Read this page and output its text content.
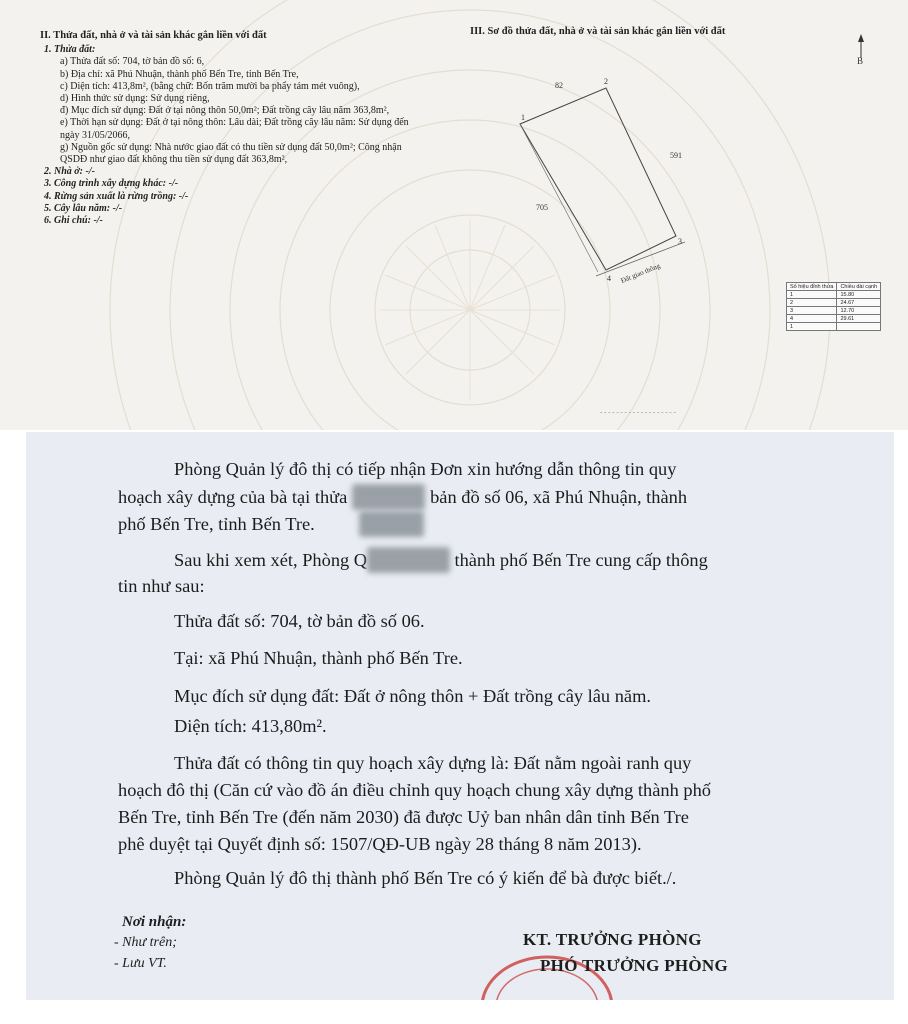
II. Thửa đất, nhà ở và tài sản khác gắn liền với đất
1. Thửa đất:
a) Thửa đất số: 704, tờ bản đồ số: 6,
b) Địa chỉ: xã Phú Nhuận, thành phố Bến Tre, tỉnh Bến Tre,
c) Diện tích: 413,8m², (bằng chữ: Bốn trăm mười ba phẩy tám mét vuông),
d) Hình thức sử dụng: Sử dụng riêng,
đ) Mục đích sử dụng: Đất ở tại nông thôn 50,0m²; Đất trồng cây lâu năm 363,8m²,
e) Thời hạn sử dụng: Đất ở tại nông thôn: Lâu dài; Đất trồng cây lâu năm: Sử dụng đến
ngày 31/05/2066,
g) Nguồn gốc sử dụng: Nhà nước giao đất có thu tiền sử dụng đất 50,0m²; Công nhận
QSDĐ như giao đất không thu tiền sử dụng đất 363,8m²,
2. Nhà ở: -/-
3. Công trình xây dựng khác: -/-
4. Rừng sản xuất là rừng trồng: -/-
5. Cây lâu năm: -/-
6. Ghi chú: -/-
III. Sơ đồ thửa đất, nhà ở và tài sản khác gắn liền với đất
B
1
2
3
4
82
591
705
Đất giao thông
Số hiệu đỉnh thửa	Chiều dài cạnh
1	15.80
2	24.67
3	12.70
4	29.61
1	
- - - - - - - - - - - - - - - - - - -
Phòng Quản lý đô thị có tiếp nhận Đơn xin hướng dẫn thông tin quy
hoạch xây dựng của bà tại thửa	bản đồ số 06, xã Phú Nhuận, thành
phố Bến Tre, tỉnh Bến Tre.
Sau khi xem xét, Phòng Q	thành phố Bến Tre cung cấp thông
tin như sau:
Thửa đất số: 704, tờ bản đồ số 06.
Tại: xã Phú Nhuận, thành phố Bến Tre.
Mục đích sử dụng đất: Đất ở nông thôn + Đất trồng cây lâu năm.
Diện tích: 413,80m².
Thửa đất có thông tin quy hoạch xây dựng là: Đất nằm ngoài ranh quy
hoạch đô thị (Căn cứ vào đồ án điều chỉnh quy hoạch chung xây dựng thành phố
Bến Tre, tỉnh Bến Tre (đến năm 2030) đã được Uỷ ban nhân dân tỉnh Bến Tre
phê duyệt tại Quyết định số: 1507/QĐ-UB ngày 28 tháng 8 năm 2013).
Phòng Quản lý đô thị thành phố Bến Tre có ý kiến để bà được biết./.
Nơi nhận:
- Như trên;
- Lưu VT.
KT. TRƯỞNG PHÒNG
PHÓ TRƯỞNG PHÒNG
